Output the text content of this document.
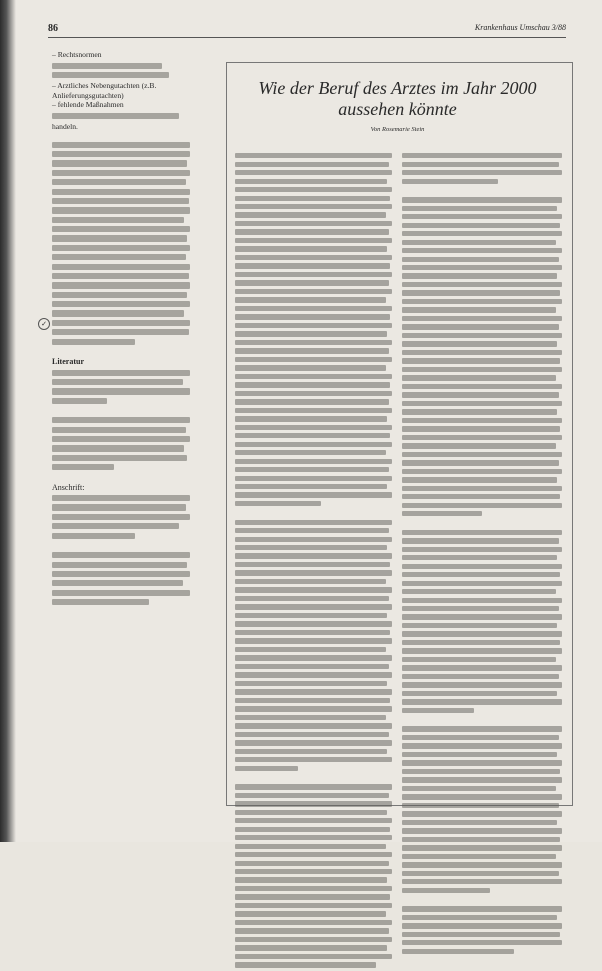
86	Krankenhaus Umschau 3/88
– Rechtsnormen
– Arztliches Nebengutachten (z.B. Anlieferungsgutachten)
– fehlende Maßnahmen
handeln.
Literatur
Anschrift:
✓
Wie der Beruf des Arztes im Jahr 2000 aussehen könnte
Von Rosemarie Stein
